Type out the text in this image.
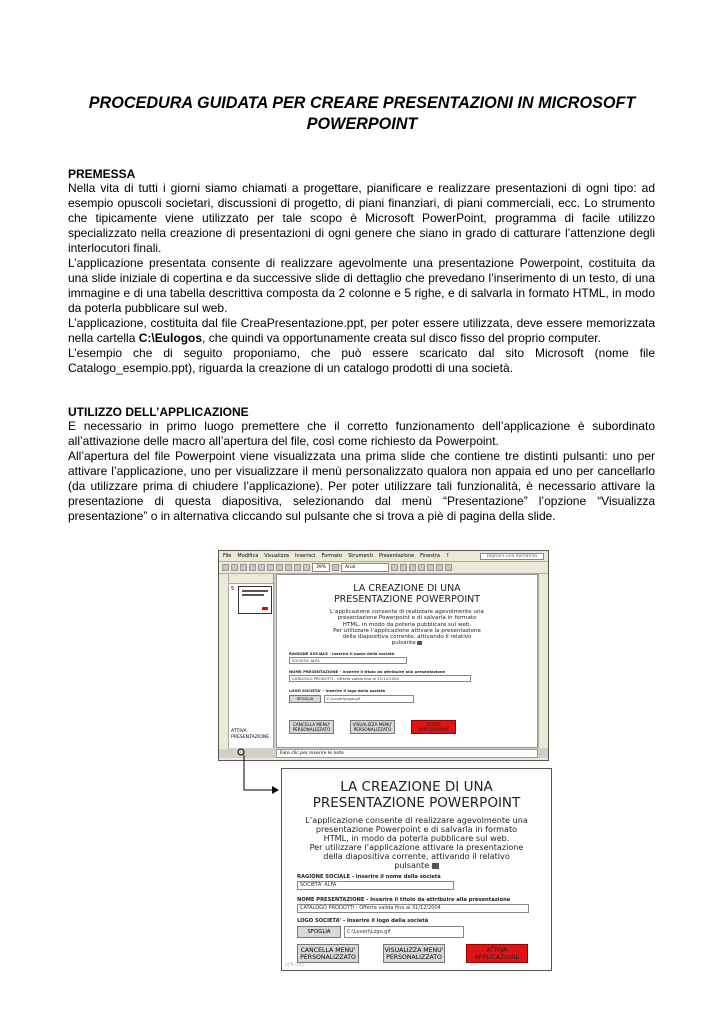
PROCEDURA GUIDATA PER CREARE PRESENTAZIONI IN MICROSOFT POWERPOINT
PREMESSA

Nella vita di tutti i giorni siamo chiamati a progettare, pianificare e realizzare presentazioni di ogni tipo: ad esempio opuscoli societari, discussioni di progetto, di piani finanziari, di piani commerciali, ecc. Lo strumento che tipicamente viene utilizzato per tale scopo è Microsoft PowerPoint, programma di facile utilizzo specializzato nella creazione di presentazioni di ogni genere che siano in grado di catturare l’attenzione degli interlocutori finali.

L’applicazione presentata consente di realizzare agevolmente una presentazione Powerpoint, costituita da una slide iniziale di copertina e da successive slide di dettaglio che prevedano l’inserimento di un testo, di una immagine e di una tabella descrittiva composta da 2 colonne e 5 righe, e di salvarla in formato HTML, in modo da poterla pubblicare sul web.

L’applicazione, costituita dal file CreaPresentazione.ppt, per poter essere utilizzata, deve essere memorizzata nella cartella C:\Eulogos, che quindi va opportunamente creata sul disco fisso del proprio computer.

L’esempio che di seguito proponiamo, che può essere scaricato dal sito Microsoft (nome file Catalogo_esempio.ppt), riguarda la creazione di un catalogo prodotti di una società.

UTILIZZO DELL’APPLICAZIONE

E necessario in primo luogo premettere che il corretto funzionamento dell’applicazione è subordinato all’attivazione delle macro all’apertura del file, così come richiesto da Powerpoint.

All’apertura del file Powerpoint viene visualizzata una prima slide che contiene tre distinti pulsanti: uno per attivare l’applicazione, uno per visualizzare il menù personalizzato qualora non appaia ed uno per cancellarlo (da utilizzare prima di chiudere l’applicazione). Per poter utilizzare tali funzionalità, è necessario attivare la presentazione di questa diapositiva, selezionando dal menù “Presentazione” l’opzione “Visualizza presentazione” o in alternativa cliccando sul pulsante che si trova a piè di pagina della slide.

File Modifica Visualizza Inserisci Formato Strumenti Presentazione Finestra ?	Digitare una domanda
39%	Arial
5
ATTIVA
PRESENTAZIONE
LA CREAZIONE DI UNA
PRESENTAZIONE POWERPOINT
L’applicazione consente di realizzare agevolmente una
presentazione Powerpoint e di salvarla in formato
HTML, in modo da poterla pubblicare sul web.
Per utilizzare l’applicazione attivare la presentazione
della diapositiva corrente, attivando il relativo
pulsante
RAGIONE SOCIALE - Inserire il nome della società
SOCIETA' ALFA
NOME PRESENTAZIONE - Inserire il titolo da attribuire alla presentazione
CATALOGO PRODOTTI - Offerta valida fino al 31/12/2004
LOGO SOCIETA' - Inserire il logo della società
SFOGLIA	C:\Loveri\Logo.gif
CANCELLA MENU'
PERSONALIZZATO
VISUALIZZA MENU'
PERSONALIZZATO
ATTIVA
APPLICAZIONE
Fare clic per inserire le note
LA CREAZIONE DI UNA
PRESENTAZIONE POWERPOINT
L’applicazione consente di realizzare agevolmente una
presentazione Powerpoint e di salvarla in formato
HTML, in modo da poterla pubblicare sul web.
Per utilizzare l’applicazione attivare la presentazione
della diapositiva corrente, attivando il relativo
pulsante
RAGIONE SOCIALE - Inserire il nome della società
SOCIETA' ALFA
NOME PRESENTAZIONE - Inserire il titolo da attribuire alla presentazione
CATALOGO PRODOTTI - Offerta valida fino al 31/12/2004
LOGO SOCIETA' - Inserire il logo della società
SFOGLIA	C:\Loveri\Logo.gif
CANCELLA MENU'
PERSONALIZZATO
VISUALIZZA MENU'
PERSONALIZZATO
ATTIVA
APPLICAZIONE
◁✎▭▷
